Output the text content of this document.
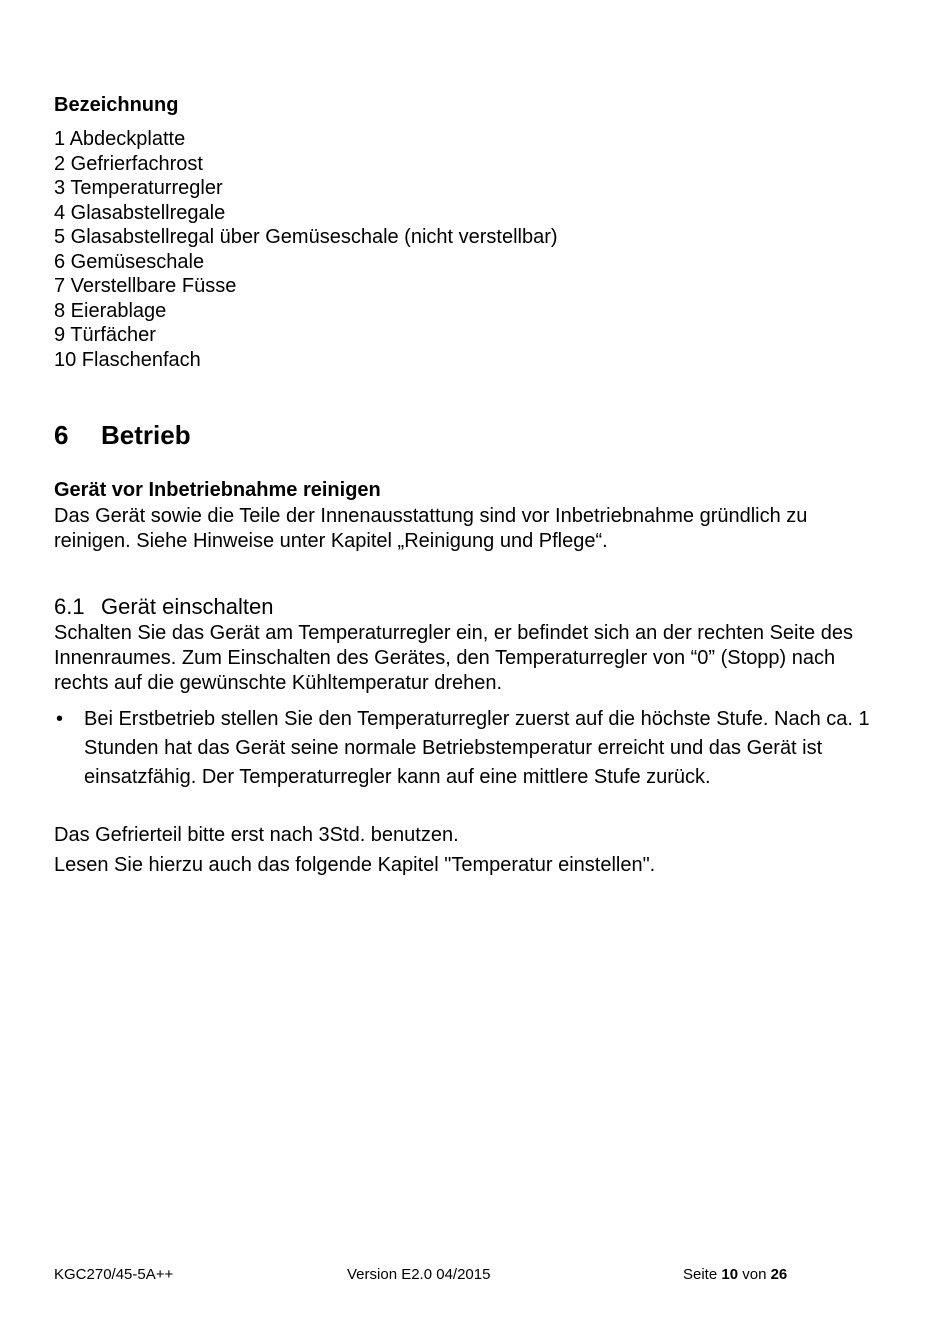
Bezeichnung
1 Abdeckplatte
2 Gefrierfachrost
3 Temperaturregler
4 Glasabstellregale
5 Glasabstellregal über Gemüseschale (nicht verstellbar)
6 Gemüseschale
7 Verstellbare Füsse
8 Eierablage
9 Türfächer
10 Flaschenfach
6 Betrieb
Gerät vor Inbetriebnahme reinigen
Das Gerät sowie die Teile der Innenausstattung sind vor Inbetriebnahme gründlich zu reinigen. Siehe Hinweise unter Kapitel „Reinigung und Pflege“.
6.1 Gerät einschalten
Schalten Sie das Gerät am Temperaturregler ein, er befindet sich an der rechten Seite des Innenraumes. Zum Einschalten des Gerätes, den Temperaturregler von “0” (Stopp) nach rechts auf die gewünschte Kühltemperatur drehen.
• Bei Erstbetrieb stellen Sie den Temperaturregler zuerst auf die höchste Stufe. Nach ca. 1 Stunden hat das Gerät seine normale Betriebstemperatur erreicht und das Gerät ist einsatzfähig. Der Temperaturregler kann auf eine mittlere Stufe zurück.
Das Gefrierteil bitte erst nach 3Std. benutzen.
Lesen Sie hierzu auch das folgende Kapitel "Temperatur einstellen".
KGC270/45-5A++	Version E2.0 04/2015	Seite 10 von 26
